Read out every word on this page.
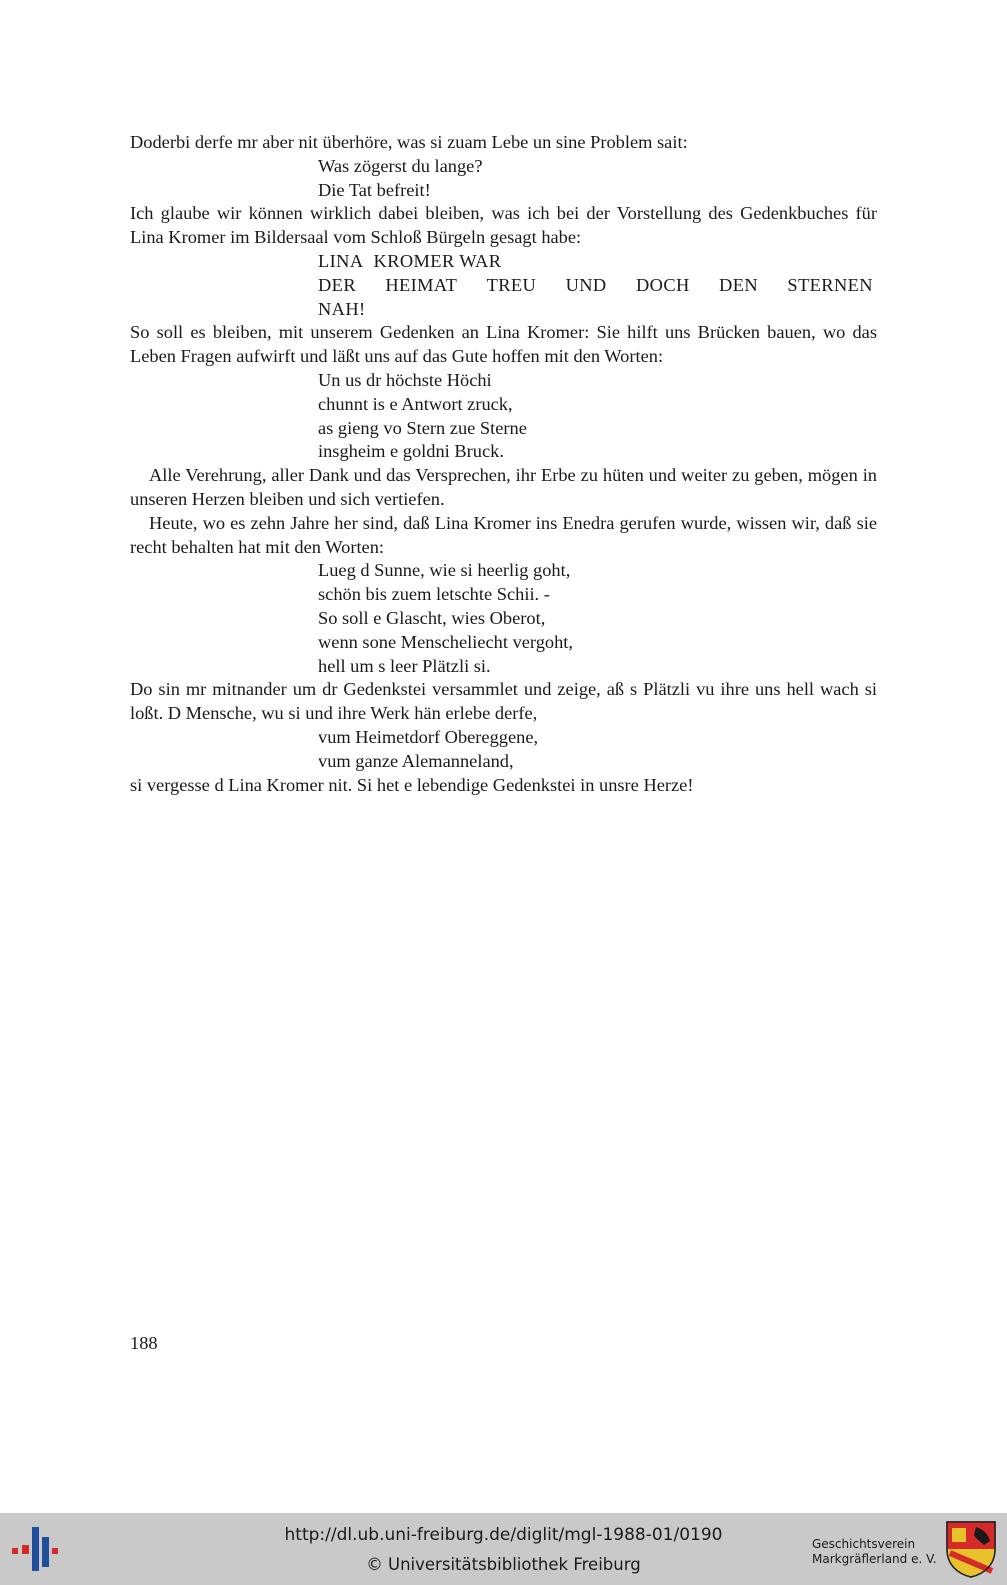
Doderbi derfe mr aber nit überhöre, was si zuam Lebe un sine Problem sait:

Was zögerst du lange?
Die Tat befreit!

Ich glaube wir können wirklich dabei bleiben, was ich bei der Vorstellung des Gedenkbuches für Lina Kromer im Bildersaal vom Schloß Bürgeln gesagt habe:

LINA KROMER WAR
DER HEIMAT TREU UND DOCH DEN STERNEN
NAH!

So soll es bleiben, mit unserem Gedenken an Lina Kromer: Sie hilft uns Brücken bauen, wo das Leben Fragen aufwirft und läßt uns auf das Gute hoffen mit den Worten:

Un us dr höchste Höchi
chunnt is e Antwort zruck,
as gieng vo Stern zue Sterne
insgheim e goldni Bruck.

Alle Verehrung, aller Dank und das Versprechen, ihr Erbe zu hüten und weiter zu geben, mögen in unseren Herzen bleiben und sich vertiefen.

Heute, wo es zehn Jahre her sind, daß Lina Kromer ins Enedra gerufen wurde, wissen wir, daß sie recht behalten hat mit den Worten:

Lueg d Sunne, wie si heerlig goht,
schön bis zuem letschte Schii. -
So soll e Glascht, wies Oberot,
wenn sone Menscheliecht vergoht,
hell um s leer Plätzli si.

Do sin mr mitnander um dr Gedenkstei versammlet und zeige, aß s Plätzli vu ihre uns hell wach si loßt. D Mensche, wu si und ihre Werk hän erlebe derfe,

vum Heimetdorf Obereggene,
vum ganze Alemanneland,

si vergesse d Lina Kromer nit. Si het e lebendige Gedenkstei in unsre Herze!

188
http://dl.ub.uni-freiburg.de/diglit/mgl-1988-01/0190
© Universitätsbibliothek Freiburg
Geschichtsverein
Markgräflerland e. V.
